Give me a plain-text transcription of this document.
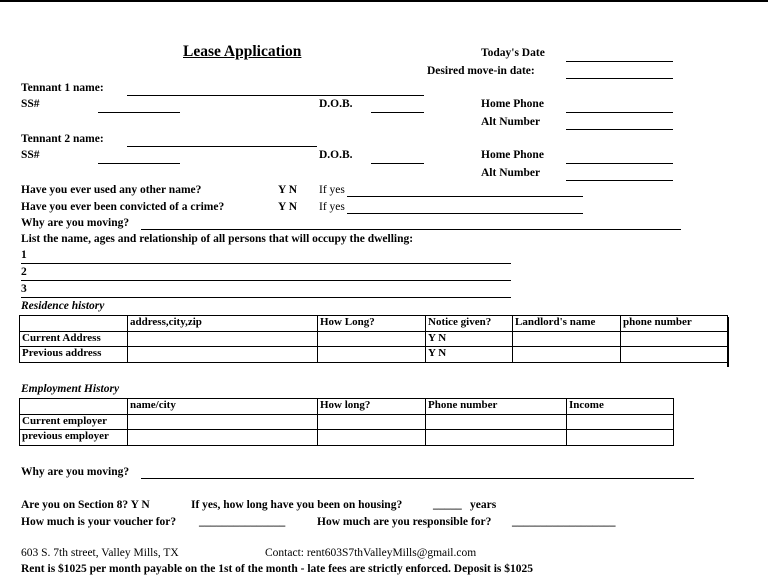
Lease Application	Today's Date
Desired move-in date:
Tennant 1 name:
SS#	D.O.B.	Home Phone
Alt Number
Tennant 2 name:
SS#	D.O.B.	Home Phone
Alt Number
Have you ever used any other name?	Y N If yes
Have you ever been convicted of a crime?	Y N If yes
Why are you moving?
List the name, ages and relationship of all persons that will occupy the dwelling:
1
2
3
Residence history
	address,city,zip	How Long?	Notice given?	Landlord's name	phone number
Current Address			Y N		
Previous address			Y N		
Employment History
	name/city	How long?	Phone number	Income
Current employer				
previous employer				
Why are you moving?
Are you on Section 8? Y N	If yes, how long have you been on housing?	_____ years
How much is your voucher for? _______________	How much are you responsible for? __________________
603 S. 7th street, Valley Mills, TX	Contact: rent603S7thValleyMills@gmail.com
Rent is $1025 per month payable on the 1st of the month - late fees are strictly enforced. Deposit is $1025
